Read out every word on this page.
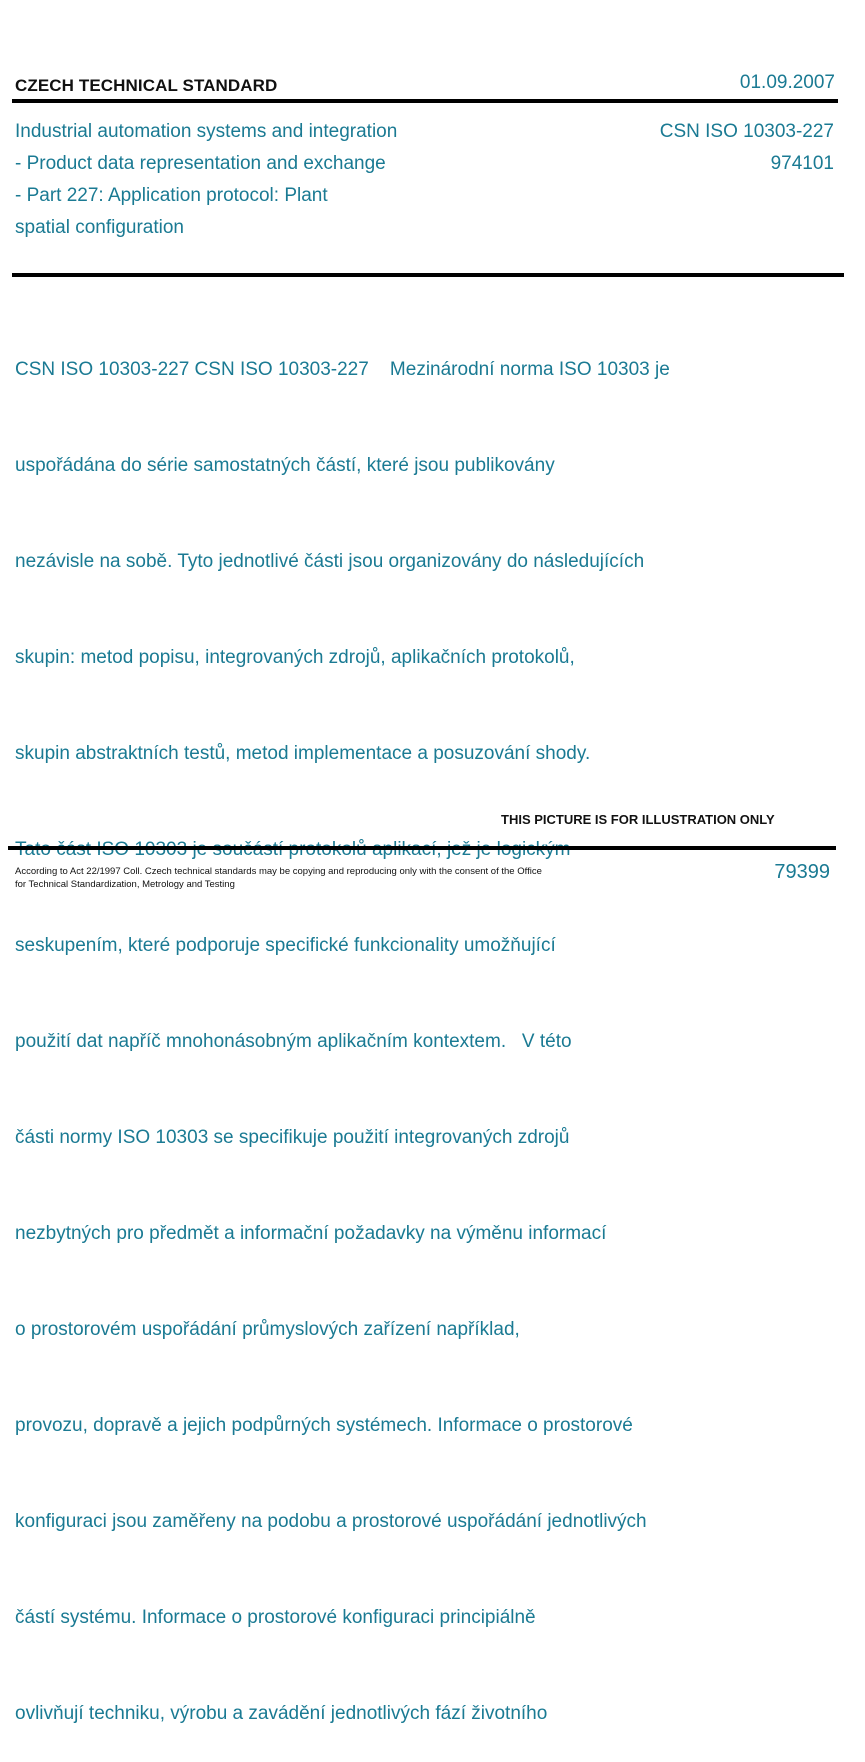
CZECH TECHNICAL STANDARD	01.09.2007
Industrial automation systems and integration
- Product data representation and exchange
- Part 227: Application protocol: Plant
spatial configuration
CSN ISO 10303-227
974101

CSN ISO 10303-227 CSN ISO 10303-227    Mezinárodní norma ISO 10303 je

uspořádána do série samostatných částí, které jsou publikovány

nezávisle na sobě. Tyto jednotlivé části jsou organizovány do následujících

skupin: metod popisu, integrovaných zdrojů, aplikačních protokolů,

skupin abstraktních testů, metod implementace a posuzování shody.

seskupením, které podporuje specifické funkcionality umožňující

použití dat napříč mnohonásobným aplikačním kontextem.   V této

části normy ISO 10303 se specifikuje použití integrovaných zdrojů

nezbytných pro předmět a informační požadavky na výměnu informací

o prostorovém uspořádání průmyslových zařízení například,

provozu, dopravě a jejich podpůrných systémech. Informace o prostorové

konfiguraci jsou zaměřeny na podobu a prostorové uspořádání jednotlivých

částí systému. Informace o prostorové konfiguraci principiálně

ovlivňují techniku, výrobu a zavádění jednotlivých fází životního

THIS PICTURE IS FOR ILLUSTRATION ONLY
According to Act 22/1997 Coll. Czech technical standards may be copying and reproducing only with the consent of the Office
for Technical Standardization, Metrology and Testing
79399
